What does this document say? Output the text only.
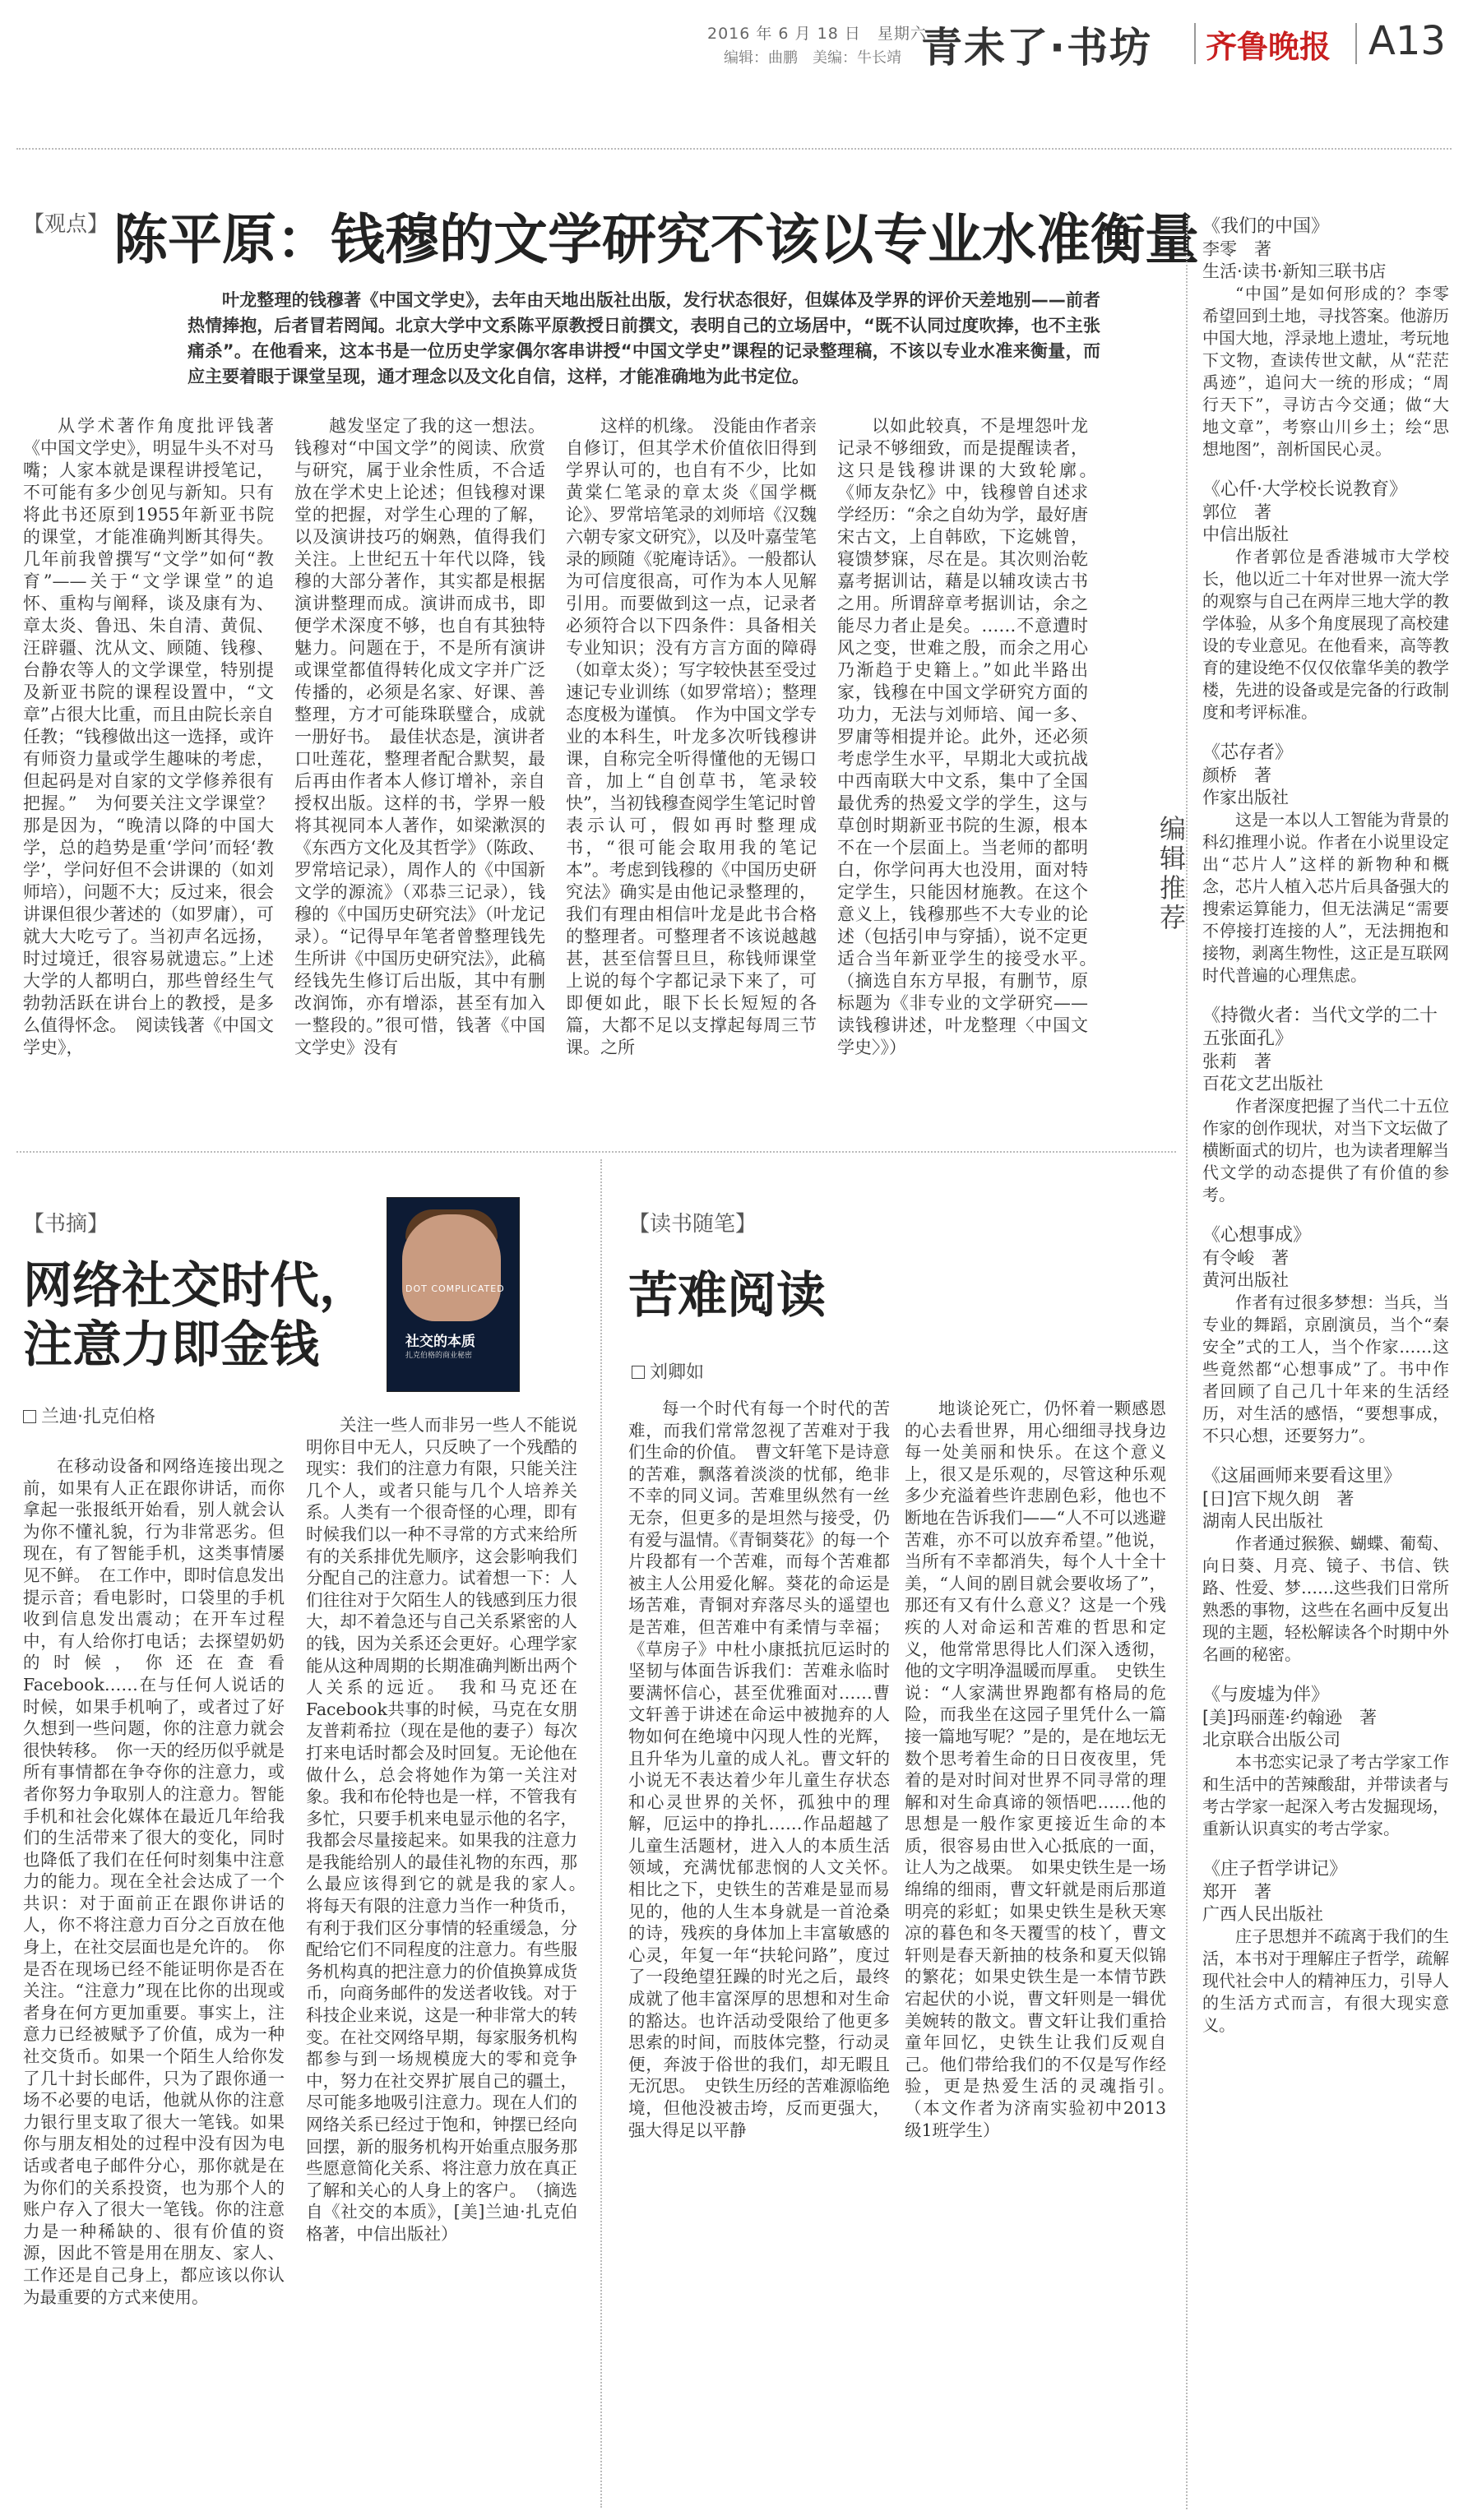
2016 年 6 月 18 日　星期六
编辑：曲鹏　美编：牛长靖 青未了·书坊 齐鲁晚报 A13
【观点】 陈平原：钱穆的文学研究不该以专业水准衡量
叶龙整理的钱穆著《中国文学史》，去年由天地出版社出版，发行状态很好，但媒体及学界的评价天差地别——前者热情捧抱，后者冒若罔闻。北京大学中文系陈平原教授日前撰文，表明自己的立场居中，“既不认同过度吹捧，也不主张痛杀”。在他看来，这本书是一位历史学家偶尔客串讲授“中国文学史”课程的记录整理稿，不该以专业水准来衡量，而应主要着眼于课堂呈现，通才理念以及文化自信，这样，才能准确地为此书定位。
从学术著作角度批评钱著《中国文学史》，明显牛头不对马嘴；人家本就是课程讲授笔记，不可能有多少创见与新知。只有将此书还原到1955年新亚书院的课堂，才能准确判断其得失。几年前我曾撰写“文学”如何“教育”——关于“文学课堂”的追怀、重构与阐释，谈及康有为、章太炎、鲁迅、朱自清、黄侃、汪辟疆、沈从文、顾随、钱穆、台静农等人的文学课堂，特别提及新亚书院的课程设置中，“文章”占很大比重，而且由院长亲自任教；“钱穆做出这一选择，或许有师资力量或学生趣味的考虑，但起码是对自家的文学修养很有把握。”　为何要关注文学课堂？那是因为，“晚清以降的中国大学，总的趋势是重‘学问’而轻‘教学’，学问好但不会讲课的（如刘师培），问题不大；反过来，很会讲课但很少著述的（如罗庸），可就大大吃亏了。当初声名远扬，时过境迁，很容易就遗忘。”上述大学的人都明白，那些曾经生气勃勃活跃在讲台上的教授，是多么值得怀念。　阅读钱著《中国文学史》，
越发坚定了我的这一想法。钱穆对“中国文学”的阅读、欣赏与研究，属于业余性质，不合适放在学术史上论述；但钱穆对课堂的把握，对学生心理的了解，以及演讲技巧的娴熟，值得我们关注。上世纪五十年代以降，钱穆的大部分著作，其实都是根据演讲整理而成。演讲而成书，即便学术深度不够，也自有其独特魅力。问题在于，不是所有演讲或课堂都值得转化成文字并广泛传播的，必须是名家、好课、善整理，方才可能珠联璧合，成就一册好书。　最佳状态是，演讲者口吐莲花，整理者配合默契，最后再由作者本人修订增补，亲自授权出版。这样的书，学界一般将其视同本人著作，如梁漱溟的《东西方文化及其哲学》（陈政、罗常培记录），周作人的《中国新文学的源流》（邓恭三记录），钱穆的《中国历史研究法》（叶龙记录）。“记得早年笔者曾整理钱先生所讲《中国历史研究法》，此稿经钱先生修订后出版，其中有删改润饰，亦有增添，甚至有加入一整段的。”很可惜，钱著《中国文学史》没有
这样的机缘。　没能由作者亲自修订，但其学术价值依旧得到学界认可的，也自有不少，比如黄棠仁笔录的章太炎《国学概论》、罗常培笔录的刘师培《汉魏六朝专家文研究》，以及叶嘉莹笔录的顾随《驼庵诗话》。一般都认为可信度很高，可作为本人见解引用。而要做到这一点，记录者必须符合以下四条件：具备相关专业知识；没有方言方面的障碍（如章太炎）；写字较快甚至受过速记专业训练（如罗常培）；整理态度极为谨慎。　作为中国文学专业的本科生，叶龙多次听钱穆讲课，自称完全听得懂他的无锡口音，加上“自创草书，笔录较快”，当初钱穆查阅学生笔记时曾表示认可，假如再时整理成书，“很可能会取用我的笔记本”。考虑到钱穆的《中国历史研究法》确实是由他记录整理的，我们有理由相信叶龙是此书合格的整理者。可整理者不该说越越甚，甚至信誓旦旦，称钱师课堂上说的每个字都记录下来了，可即便如此，眼下长长短短的各篇，大都不足以支撑起每周三节课。之所
以如此较真，不是埋怨叶龙记录不够细致，而是提醒读者，这只是钱穆讲课的大致轮廓。　《师友杂忆》中，钱穆曾自述求学经历：“余之自幼为学，最好唐宋古文，上自韩欧，下迄姚曾，寝馈梦寐，尽在是。其次则治乾嘉考据训诂，藉是以辅攻读古书之用。所谓辞章考据训诂，余之能尽力者止是矣。……不意遭时风之变，世难之殷，而余之用心乃渐趋于史籍上。”如此半路出家，钱穆在中国文学研究方面的功力，无法与刘师培、闻一多、罗庸等相提并论。此外，还必须考虑学生水平，早期北大或抗战中西南联大中文系，集中了全国最优秀的热爱文学的学生，这与草创时期新亚书院的生源，根本不在一个层面上。当老师的都明白，你学问再大也没用，面对特定学生，只能因材施教。在这个意义上，钱穆那些不大专业的论述（包括引申与穿插），说不定更适合当年新亚学生的接受水平。　（摘选自东方早报，有删节，原标题为《非专业的文学研究——读钱穆讲述，叶龙整理〈中国文学史〉》）
【书摘】
网络社交时代，
注意力即金钱
兰迪·扎克伯格
DOT COMPLICATED
社交的本质
扎克伯格的商业秘密
在移动设备和网络连接出现之前，如果有人正在跟你讲话，而你拿起一张报纸开始看，别人就会认为你不懂礼貌，行为非常恶劣。但现在，有了智能手机，这类事情屡见不鲜。　在工作中，即时信息发出提示音；看电影时，口袋里的手机收到信息发出震动；在开车过程中，有人给你打电话；去探望奶奶的时候，你还在查看Facebook……在与任何人说话的时候，如果手机响了，或者过了好久想到一些问题，你的注意力就会很快转移。　你一天的经历似乎就是所有事情都在争夺你的注意力，或者你努力争取别人的注意力。智能手机和社会化媒体在最近几年给我们的生活带来了很大的变化，同时也降低了我们在任何时刻集中注意力的能力。现在全社会达成了一个共识：对于面前正在跟你讲话的人，你不将注意力百分之百放在他身上，在社交层面也是允许的。　你是否在现场已经不能证明你是否在关注。“注意力”现在比你的出现或者身在何方更加重要。事实上，注意力已经被赋予了价值，成为一种社交货币。如果一个陌生人给你发了几十封长邮件，只为了跟你通一场不必要的电话，他就从你的注意力银行里支取了很大一笔钱。如果你与朋友相处的过程中没有因为电话或者电子邮件分心，那你就是在为你们的关系投资，也为那个人的账户存入了很大一笔钱。你的注意力是一种稀缺的、很有价值的资源，因此不管是用在朋友、家人、工作还是自己身上，都应该以你认为最重要的方式来使用。
关注一些人而非另一些人不能说明你目中无人，只反映了一个残酷的现实：我们的注意力有限，只能关注几个人，或者只能与几个人培养关系。人类有一个很奇怪的心理，即有时候我们以一种不寻常的方式来给所有的关系排优先顺序，这会影响我们分配自己的注意力。试着想一下：人们往往对于欠陌生人的钱感到压力很大，却不着急还与自己关系紧密的人的钱，因为关系还会更好。心理学家能从这种周期的长期准确判断出两个人关系的远近。　我和马克还在Facebook共事的时候，马克在女朋友普莉希拉（现在是他的妻子）每次打来电话时都会及时回复。无论他在做什么，总会将她作为第一关注对象。我和布伦特也是一样，不管我有多忙，只要手机来电显示他的名字，我都会尽量接起来。如果我的注意力是我能给别人的最佳礼物的东西，那么最应该得到它的就是我的家人。　将每天有限的注意力当作一种货币，有利于我们区分事情的轻重缓急，分配给它们不同程度的注意力。有些服务机构真的把注意力的价值换算成货币，向商务邮件的发送者收钱。对于科技企业来说，这是一种非常大的转变。在社交网络早期，每家服务机构都参与到一场规模庞大的零和竞争中，努力在社交界扩展自己的疆土，尽可能多地吸引注意力。现在人们的网络关系已经过于饱和，钟摆已经向回摆，新的服务机构开始重点服务那些愿意简化关系、将注意力放在真正了解和关心的人身上的客户。　（摘选自《社交的本质》，[美]兰迪·扎克伯格著，中信出版社）
【读书随笔】
苦难阅读
刘卿如
每一个时代有每一个时代的苦难，而我们常常忽视了苦难对于我们生命的价值。　曹文轩笔下是诗意的苦难，飘落着淡淡的忧郁，绝非不幸的同义词。苦难里纵然有一丝无奈，但更多的是坦然与接受，仍有爱与温情。《青铜葵花》的每一个片段都有一个苦难，而每个苦难都被主人公用爱化解。葵花的命运是场苦难，青铜对弃落尽头的遥望也是苦难，但苦难中有柔情与幸福；《草房子》中杜小康抵抗厄运时的坚韧与体面告诉我们：苦难永临时要满怀信心，甚至优雅面对……曹文轩善于讲述在命运中被抛弃的人物如何在绝境中闪现人性的光辉，且升华为儿童的成人礼。曹文轩的小说无不表达着少年儿童生存状态和心灵世界的关怀，孤独中的理解，厄运中的挣扎……作品超越了儿童生活题材，进入人的本质生活领域，充满忧郁悲悯的人文关怀。　相比之下，史铁生的苦难是显而易见的，他的人生本身就是一首沧桑的诗，残疾的身体加上丰富敏感的心灵，年复一年“扶轮问路”，度过了一段绝望狂躁的时光之后，最终成就了他丰富深厚的思想和对生命的豁达。也许活动受限给了他更多思索的时间，而肢体完整，行动灵便，奔波于俗世的我们，却无暇且无沉思。　史铁生历经的苦难源临绝境，但他没被击垮，反而更强大，强大得足以平静
地谈论死亡，仍怀着一颗感恩的心去看世界，用心细细寻找身边每一处美丽和快乐。在这个意义上，很又是乐观的，尽管这种乐观多少充溢着些许悲剧色彩，他也不断地在告诉我们——“人不可以逃避苦难，亦不可以放弃希望。”他说，当所有不幸都消失，每个人十全十美，“人间的剧目就会要收场了”，那还有又有什么意义？这是一个残疾的人对命运和苦难的哲思和定义，他常常思得比人们深入透彻，他的文字明净温暖而厚重。　史铁生说：“人家满世界跑都有格局的危险，而我坐在这园子里凭什么一篇接一篇地写呢？”是的，是在地坛无数个思考着生命的日日夜夜里，凭着的是对时间对世界不同寻常的理解和对生命真谛的领悟吧……他的思想是一般作家更接近生命的本质，很容易由世入心抵底的一面，让人为之战栗。　如果史铁生是一场绵绵的细雨，曹文轩就是雨后那道明亮的彩虹；如果史铁生是秋天寒凉的暮色和冬天覆雪的枝丫，曹文轩则是春天新抽的枝条和夏天似锦的繁花；如果史铁生是一本情节跌宕起伏的小说，曹文轩则是一辑优美婉转的散文。曹文轩让我们重拾童年回忆，史铁生让我们反观自己。他们带给我们的不仅是写作经验，更是热爱生活的灵魂指引。　（本文作者为济南实验初中2013级1班学生）
编辑推荐
《我们的中国》
李零　著
生活·读书·新知三联书店
“中国”是如何形成的？李零希望回到土地，寻找答案。他游历中国大地，浮录地上遗址，考玩地下文物，查读传世文献，从“茫茫禹迹”，追问大一统的形成；“周行天下”，寻访古今交通；做“大地文章”，考察山川乡土；绘“思想地图”，剖析国民心灵。
《心仟·大学校长说教育》
郭位　著
中信出版社
作者郭位是香港城市大学校长，他以近二十年对世界一流大学的观察与自己在两岸三地大学的教学体验，从多个角度展现了高校建设的专业意见。在他看来，高等教育的建设绝不仅仅依靠华美的教学楼，先进的设备或是完备的行政制度和考评标准。
《芯存者》
颜桥　著
作家出版社
这是一本以人工智能为背景的科幻推理小说。作者在小说里设定出“芯片人”这样的新物种和概念，芯片人植入芯片后具备强大的搜索运算能力，但无法满足“需要不停接打连接的人”，无法拥抱和接物，剥离生物性，这正是互联网时代普遍的心理焦虑。
《持微火者：当代文学的二十五张面孔》
张莉　著
百花文艺出版社
作者深度把握了当代二十五位作家的创作现状，对当下文坛做了横断面式的切片，也为读者理解当代文学的动态提供了有价值的参考。
《心想事成》
有令峻　著
黄河出版社
作者有过很多梦想：当兵，当专业的舞蹈，京剧演员，当个“秦安全”式的工人，当个作家……这些竟然都“心想事成”了。书中作者回顾了自己几十年来的生活经历，对生活的感悟，“要想事成，不只心想，还要努力”。
《这届画师来要看这里》
[日]宫下规久朗　著
湖南人民出版社
作者通过猴猴、蝴蝶、葡萄、向日葵、月亮、镜子、书信、铁路、性爱、梦……这些我们日常所熟悉的事物，这些在名画中反复出现的主题，轻松解读各个时期中外名画的秘密。
《与废墟为伴》
[美]玛丽莲·约翰逊　著
北京联合出版公司
本书恋实记录了考古学家工作和生活中的苦辣酸甜，并带读者与考古学家一起深入考古发掘现场，重新认识真实的考古学家。
《庄子哲学讲记》
郑开　著
广西人民出版社
庄子思想并不疏离于我们的生活，本书对于理解庄子哲学，疏解现代社会中人的精神压力，引导人的生活方式而言，有很大现实意义。
